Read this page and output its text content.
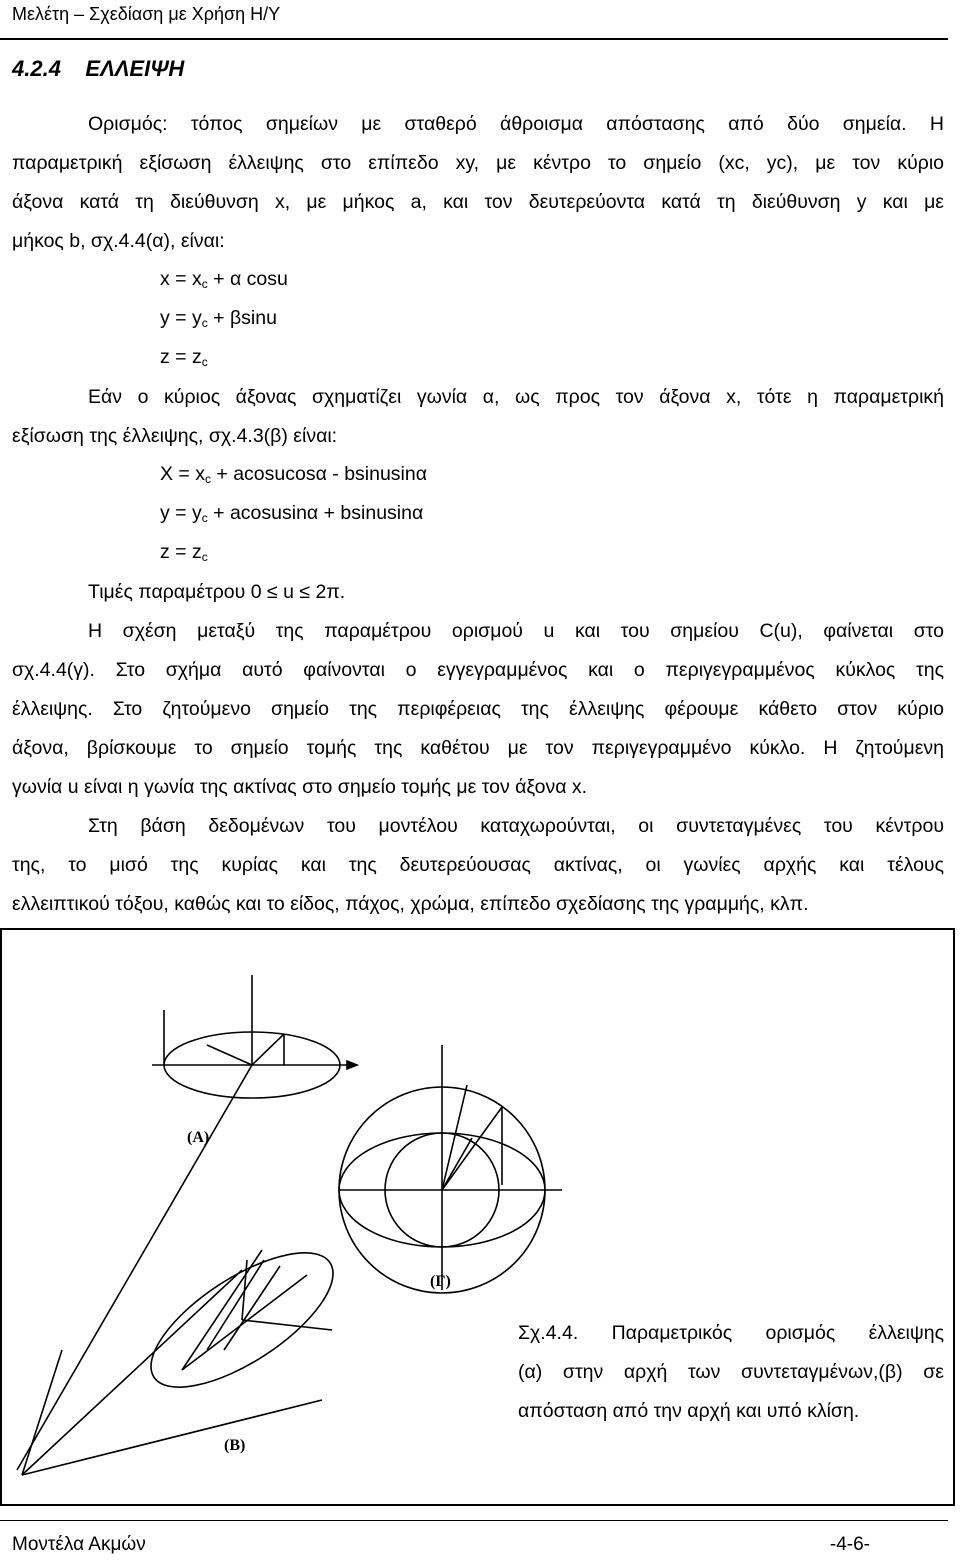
Μελέτη – Σχεδίαση με Χρήση Η/Υ
4.2.4 ΕΛΛΕΙΨΗ
Ορισμός: τόπος σημείων με σταθερό άθροισμα απόστασης από δύο σημεία. Η
παραμετρική εξίσωση έλλειψης στο επίπεδο xy, με κέντρο το σημείο (xc, yc), με τον κύριο
άξονα κατά τη διεύθυνση x, με μήκος a, και τον δευτερεύοντα κατά τη διεύθυνση y και με
μήκος b, σχ.4.4(α), είναι:
$x = x_c + \alpha$ cosu
$y = y_c + \beta\sin u$
$z = z_c$
Εάν ο κύριος άξονας σχηματίζει γωνία α, ως προς τον άξονα x, τότε η παραμετρική
εξίσωση της έλλειψης, σχ.4.3(β) είναι:
$X = x_c$ + acosucosα - bsinusinα
$y = y_c$ + acosusinα + bsinusinα
$z = z_c$
Τιμές παραμέτρου 0 ≤ u ≤ 2π.
Η σχέση μεταξύ της παραμέτρου ορισμού u και του σημείου C(u), φαίνεται στο
σχ.4.4(γ). Στο σχήμα αυτό φαίνονται ο εγγεγραμμένος και ο περιγεγραμμένος κύκλος της
έλλειψης. Στο ζητούμενο σημείο της περιφέρειας της έλλειψης φέρουμε κάθετο στον κύριο
άξονα, βρίσκουμε το σημείο τομής της καθέτου με τον περιγεγραμμένο κύκλο. Η ζητούμενη
γωνία u είναι η γωνία της ακτίνας στο σημείο τομής με τον άξονα x.
Στη βάση δεδομένων του μοντέλου καταχωρούνται, οι συντεταγμένες του κέντρου
της, το μισό της κυρίας και της δευτερεύουσας ακτίνας, οι γωνίες αρχής και τέλους
ελλειπτικού τόξου, καθώς και το είδος, πάχος, χρώμα, επίπεδο σχεδίασης της γραμμής, κλπ.
(A)
(Γ)
(B)
Σχ.4.4. Παραμετρικός ορισμός έλλειψης
(α) στην αρχή των συντεταγμένων,(β) σε
απόσταση από την αρχή και υπό κλίση.
Μοντέλα Ακμών	-4-6-
